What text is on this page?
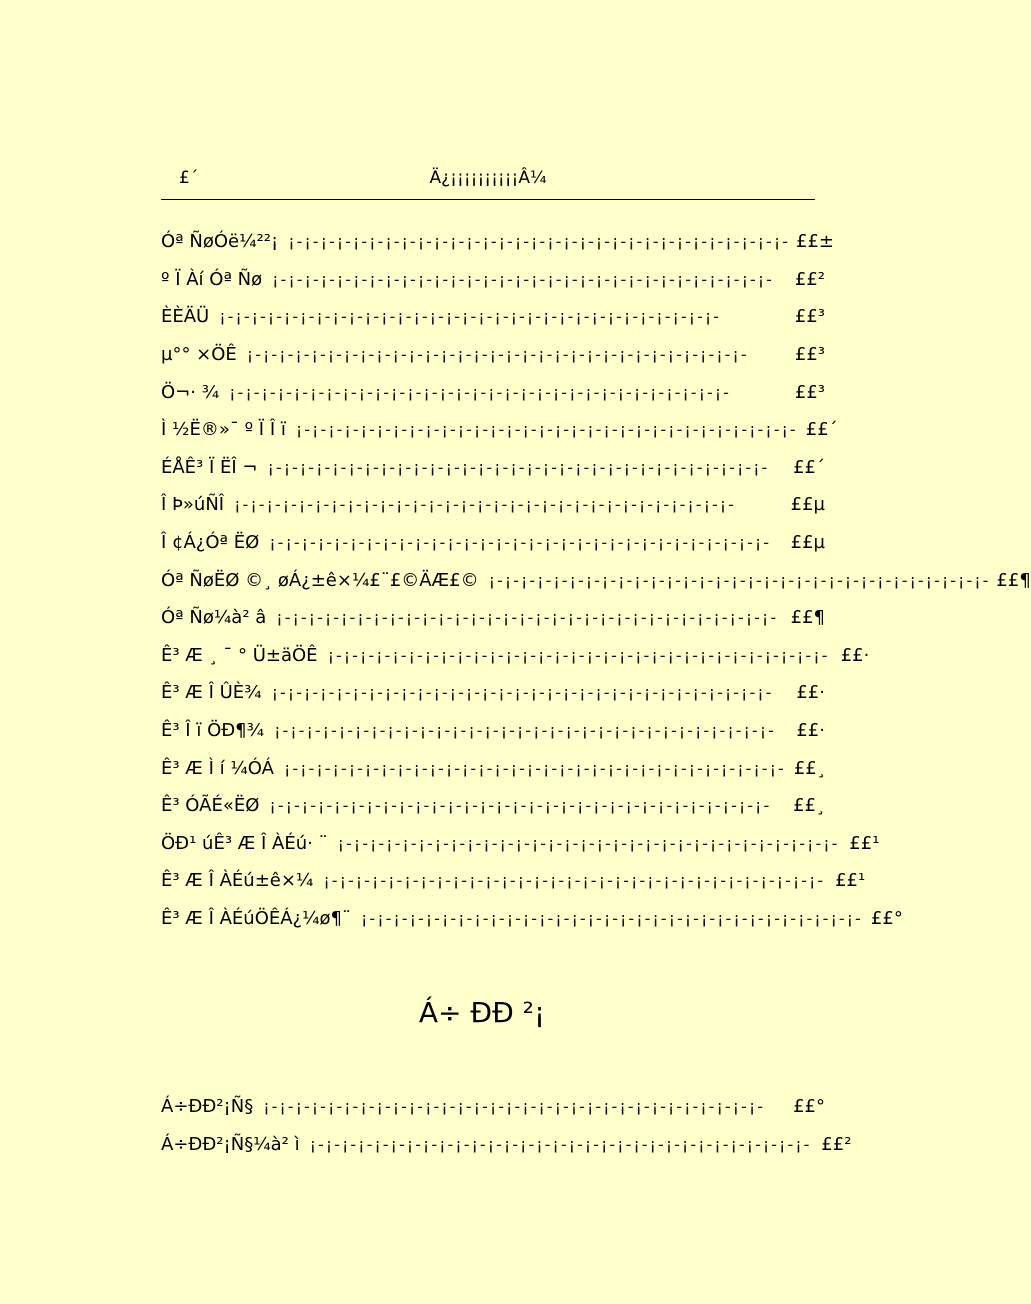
£´	Ä¿¡¡¡¡¡¡¡¡¡¡Â¼
Óª ÑøÓë¼²²¡ ¡-¡-¡-¡-¡-¡-¡-¡-¡-¡-¡-¡-¡-¡-¡-¡-¡-¡-¡-¡-¡-¡-¡-¡-¡-¡-¡-¡-¡-¡-¡- ££±
º Ï Àí Óª Ñø ¡-¡-¡-¡-¡-¡-¡-¡-¡-¡-¡-¡-¡-¡-¡-¡-¡-¡-¡-¡-¡-¡-¡-¡-¡-¡-¡-¡-¡-¡-¡-	££²
ÈÈÄÜ ¡-¡-¡-¡-¡-¡-¡-¡-¡-¡-¡-¡-¡-¡-¡-¡-¡-¡-¡-¡-¡-¡-¡-¡-¡-¡-¡-¡-¡-¡-¡-	££³
µ°° ×ÖÊ ¡-¡-¡-¡-¡-¡-¡-¡-¡-¡-¡-¡-¡-¡-¡-¡-¡-¡-¡-¡-¡-¡-¡-¡-¡-¡-¡-¡-¡-¡-¡-	££³
Ö¬· ¾ ¡-¡-¡-¡-¡-¡-¡-¡-¡-¡-¡-¡-¡-¡-¡-¡-¡-¡-¡-¡-¡-¡-¡-¡-¡-¡-¡-¡-¡-¡-¡-	££³
Ì ½Ë®»¯ º Ï Î ï ¡-¡-¡-¡-¡-¡-¡-¡-¡-¡-¡-¡-¡-¡-¡-¡-¡-¡-¡-¡-¡-¡-¡-¡-¡-¡-¡-¡-¡-¡-¡- ££´
ÉÅÊ³ Ï ËÎ ¬ ¡-¡-¡-¡-¡-¡-¡-¡-¡-¡-¡-¡-¡-¡-¡-¡-¡-¡-¡-¡-¡-¡-¡-¡-¡-¡-¡-¡-¡-¡-¡-	££´
Î Þ»úÑÎ ¡-¡-¡-¡-¡-¡-¡-¡-¡-¡-¡-¡-¡-¡-¡-¡-¡-¡-¡-¡-¡-¡-¡-¡-¡-¡-¡-¡-¡-¡-¡-	££µ
Î ¢Á¿Óª ËØ ¡-¡-¡-¡-¡-¡-¡-¡-¡-¡-¡-¡-¡-¡-¡-¡-¡-¡-¡-¡-¡-¡-¡-¡-¡-¡-¡-¡-¡-¡-¡-	££µ
Óª ÑøËØ ©¸ øÁ¿±ê×¼£¨£©ÄÆ£© ¡-¡-¡-¡-¡-¡-¡-¡-¡-¡-¡-¡-¡-¡-¡-¡-¡-¡-¡-¡-¡-¡-¡-¡-¡-¡-¡-¡-¡-¡-¡- ££¶
Óª Ñø¼à² â ¡-¡-¡-¡-¡-¡-¡-¡-¡-¡-¡-¡-¡-¡-¡-¡-¡-¡-¡-¡-¡-¡-¡-¡-¡-¡-¡-¡-¡-¡-¡- ££¶
Ê³ Æ ¸ ¯ ° Ü±äÖÊ ¡-¡-¡-¡-¡-¡-¡-¡-¡-¡-¡-¡-¡-¡-¡-¡-¡-¡-¡-¡-¡-¡-¡-¡-¡-¡-¡-¡-¡-¡-¡- ££·
Ê³ Æ Î ÛÈ¾ ¡-¡-¡-¡-¡-¡-¡-¡-¡-¡-¡-¡-¡-¡-¡-¡-¡-¡-¡-¡-¡-¡-¡-¡-¡-¡-¡-¡-¡-¡-¡-	££·
Ê³ Î ï ÖÐ¶¾ ¡-¡-¡-¡-¡-¡-¡-¡-¡-¡-¡-¡-¡-¡-¡-¡-¡-¡-¡-¡-¡-¡-¡-¡-¡-¡-¡-¡-¡-¡-¡-	££·
Ê³ Æ Ì í ¼ÓÁ ¡-¡-¡-¡-¡-¡-¡-¡-¡-¡-¡-¡-¡-¡-¡-¡-¡-¡-¡-¡-¡-¡-¡-¡-¡-¡-¡-¡-¡-¡-¡- ££¸
Ê³ ÓÃÉ«ËØ ¡-¡-¡-¡-¡-¡-¡-¡-¡-¡-¡-¡-¡-¡-¡-¡-¡-¡-¡-¡-¡-¡-¡-¡-¡-¡-¡-¡-¡-¡-¡-	££¸
ÖÐ¹ úÊ³ Æ Î ÀÉú· ¨ ¡-¡-¡-¡-¡-¡-¡-¡-¡-¡-¡-¡-¡-¡-¡-¡-¡-¡-¡-¡-¡-¡-¡-¡-¡-¡-¡-¡-¡-¡-¡- ££¹
Ê³ Æ Î ÀÉú±ê×¼ ¡-¡-¡-¡-¡-¡-¡-¡-¡-¡-¡-¡-¡-¡-¡-¡-¡-¡-¡-¡-¡-¡-¡-¡-¡-¡-¡-¡-¡-¡-¡- ££¹
Ê³ Æ Î ÀÉúÖÊÁ¿¼ø¶¨ ¡-¡-¡-¡-¡-¡-¡-¡-¡-¡-¡-¡-¡-¡-¡-¡-¡-¡-¡-¡-¡-¡-¡-¡-¡-¡-¡-¡-¡-¡-¡- ££°
Á÷ ÐÐ ²¡
Á÷ÐÐ²¡Ñ§ ¡-¡-¡-¡-¡-¡-¡-¡-¡-¡-¡-¡-¡-¡-¡-¡-¡-¡-¡-¡-¡-¡-¡-¡-¡-¡-¡-¡-¡-¡-¡-	££°
Á÷ÐÐ²¡Ñ§¼à² ì ¡-¡-¡-¡-¡-¡-¡-¡-¡-¡-¡-¡-¡-¡-¡-¡-¡-¡-¡-¡-¡-¡-¡-¡-¡-¡-¡-¡-¡-¡-¡- ££²
